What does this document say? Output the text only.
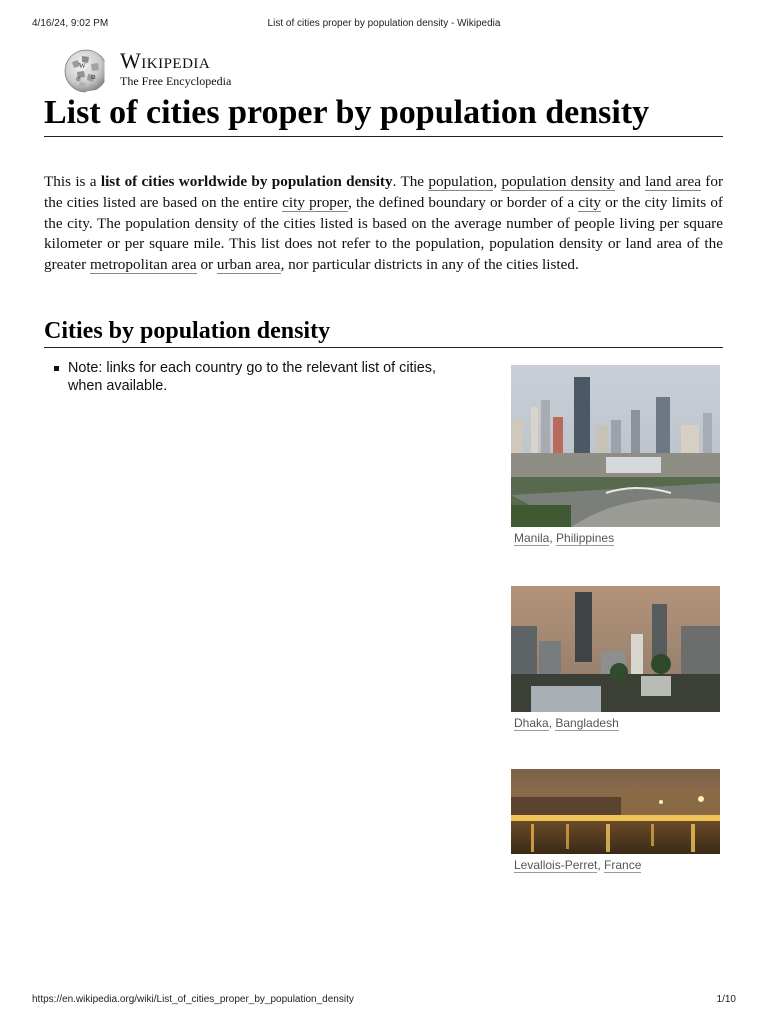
4/16/24, 9:02 PM	List of cities proper by population density - Wikipedia
W
Ω
維
Wikipedia
The Free Encyclopedia
List of cities proper by population density

This is a list of cities worldwide by population density. The population, population density and land area for the cities listed are based on the entire city proper, the defined boundary or border of a city or the city limits of the city. The population density of the cities listed is based on the average number of people living per square kilometer or per square mile. This list does not refer to the population, population density or land area of the greater metropolitan area or urban area, nor particular districts in any of the cities listed.

Cities by population density
Note: links for each country go to the relevant list of cities, when available.
Manila, Philippines
Dhaka, Bangladesh
Levallois-Perret, France
https://en.wikipedia.org/wiki/List_of_cities_proper_by_population_density	1/10
